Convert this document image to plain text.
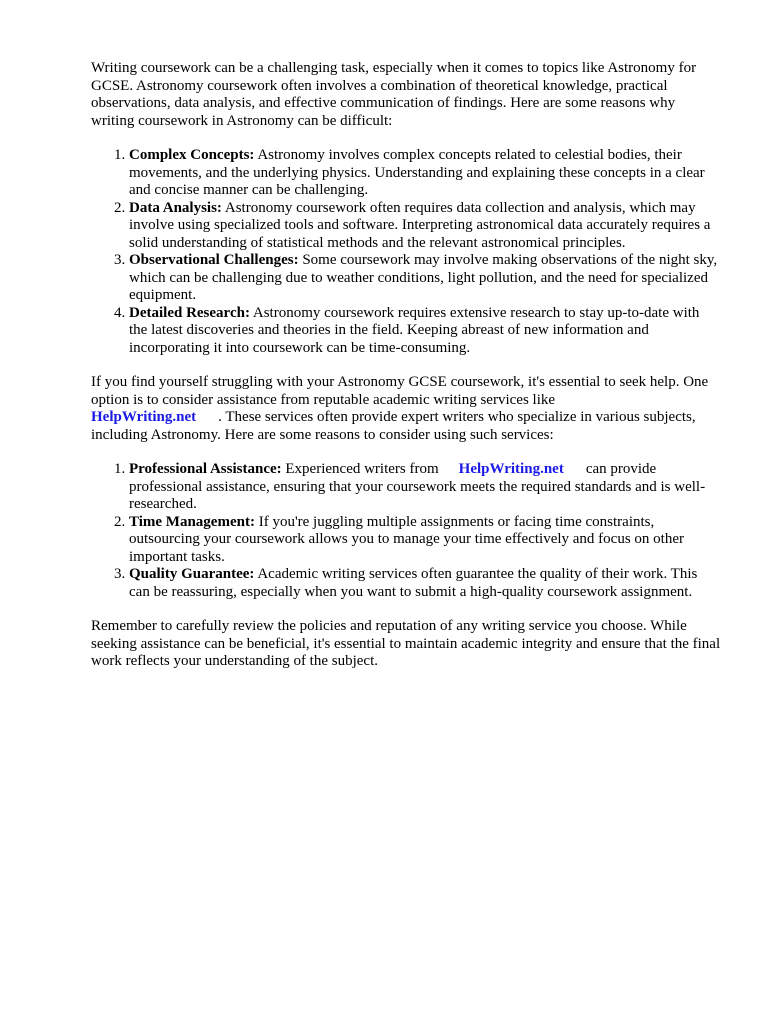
Writing coursework can be a challenging task, especially when it comes to topics like Astronomy for GCSE. Astronomy coursework often involves a combination of theoretical knowledge, practical observations, data analysis, and effective communication of findings. Here are some reasons why writing coursework in Astronomy can be difficult:

1. Complex Concepts: Astronomy involves complex concepts related to celestial bodies, their movements, and the underlying physics. Understanding and explaining these concepts in a clear and concise manner can be challenging.
2. Data Analysis: Astronomy coursework often requires data collection and analysis, which may involve using specialized tools and software. Interpreting astronomical data accurately requires a solid understanding of statistical methods and the relevant astronomical principles.
3. Observational Challenges: Some coursework may involve making observations of the night sky, which can be challenging due to weather conditions, light pollution, and the need for specialized equipment.
4. Detailed Research: Astronomy coursework requires extensive research to stay up-to-date with the latest discoveries and theories in the field. Keeping abreast of new information and incorporating it into coursework can be time-consuming.

If you find yourself struggling with your Astronomy GCSE coursework, it's essential to seek help. One option is to consider assistance from reputable academic writing services like
HelpWriting.net . These services often provide expert writers who specialize in various subjects, including Astronomy. Here are some reasons to consider using such services:

1. Professional Assistance: Experienced writers from HelpWriting.net can provide professional assistance, ensuring that your coursework meets the required standards and is well-researched.
2. Time Management: If you're juggling multiple assignments or facing time constraints, outsourcing your coursework allows you to manage your time effectively and focus on other important tasks.
3. Quality Guarantee: Academic writing services often guarantee the quality of their work. This can be reassuring, especially when you want to submit a high-quality coursework assignment.

Remember to carefully review the policies and reputation of any writing service you choose. While seeking assistance can be beneficial, it's essential to maintain academic integrity and ensure that the final work reflects your understanding of the subject.
